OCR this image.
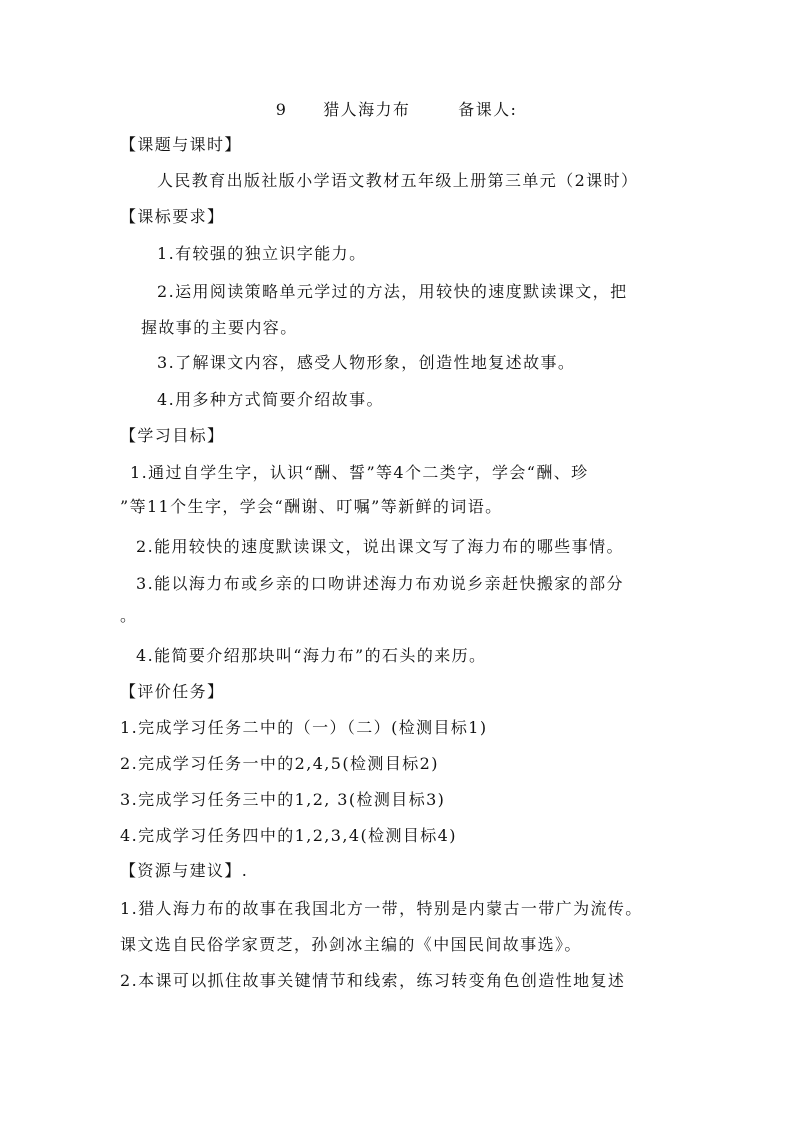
9 猎人海力布	备课人:
【课题与课时】
人民教育出版社版小学语文教材五年级上册第三单元（2课时）
【课标要求】
1.有较强的独立识字能力。
2.运用阅读策略单元学过的方法，用较快的速度默读课文，把
握故事的主要内容。
3.了解课文内容，感受人物形象，创造性地复述故事。
4.用多种方式简要介绍故事。
【学习目标】
1.通过自学生字，认识“酬、誓”等4个二类字，学会“酬、珍
”等11个生字，学会“酬谢、叮嘱”等新鲜的词语。
2.能用较快的速度默读课文，说出课文写了海力布的哪些事情。
3.能以海力布或乡亲的口吻讲述海力布劝说乡亲赶快搬家的部分
。
4.能简要介绍那块叫“海力布”的石头的来历。
【评价任务】
1.完成学习任务二中的（一）（二）(检测目标1)
2.完成学习任务一中的2,4,5(检测目标2)
3.完成学习任务三中的1,2, 3(检测目标3)
4.完成学习任务四中的1,2,3,4(检测目标4)
【资源与建议】.
1.猎人海力布的故事在我国北方一带，特别是内蒙古一带广为流传。
课文选自民俗学家贾芝，孙剑冰主编的《中国民间故事选》。
2.本课可以抓住故事关键情节和线索，练习转变角色创造性地复述
